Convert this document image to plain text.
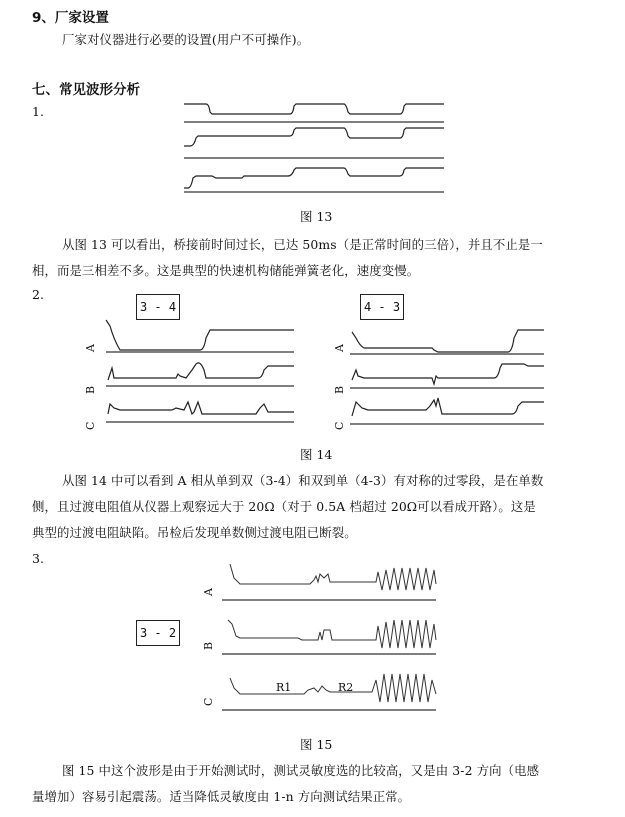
9、厂家设置
厂家对仪器进行必要的设置(用户不可操作)。
七、常见波形分析
1.
图 13
从图 13 可以看出，桥接前时间过长，已达 50ms（是正常时间的三倍），并且不止是一
相，而是三相差不多。这是典型的快速机构储能弹簧老化，速度变慢。
2.
3 - 4	4 - 3
A
B
C
A
B
C
图 14
从图 14 中可以看到 A 相从单到双（3-4）和双到单（4-3）有对称的过零段，是在单数
侧，且过渡电阻值从仪器上观察远大于 20Ω（对于 0.5A 档超过 20Ω可以看成开路）。这是
典型的过渡电阻缺陷。吊检后发现单数侧过渡电阻已断裂。
3.
3 - 2
A
B
C
R1	R2
图 15
图 15 中这个波形是由于开始测试时，测试灵敏度选的比较高，又是由 3-2 方向（电感
量增加）容易引起震荡。适当降低灵敏度由 1-n 方向测试结果正常。
